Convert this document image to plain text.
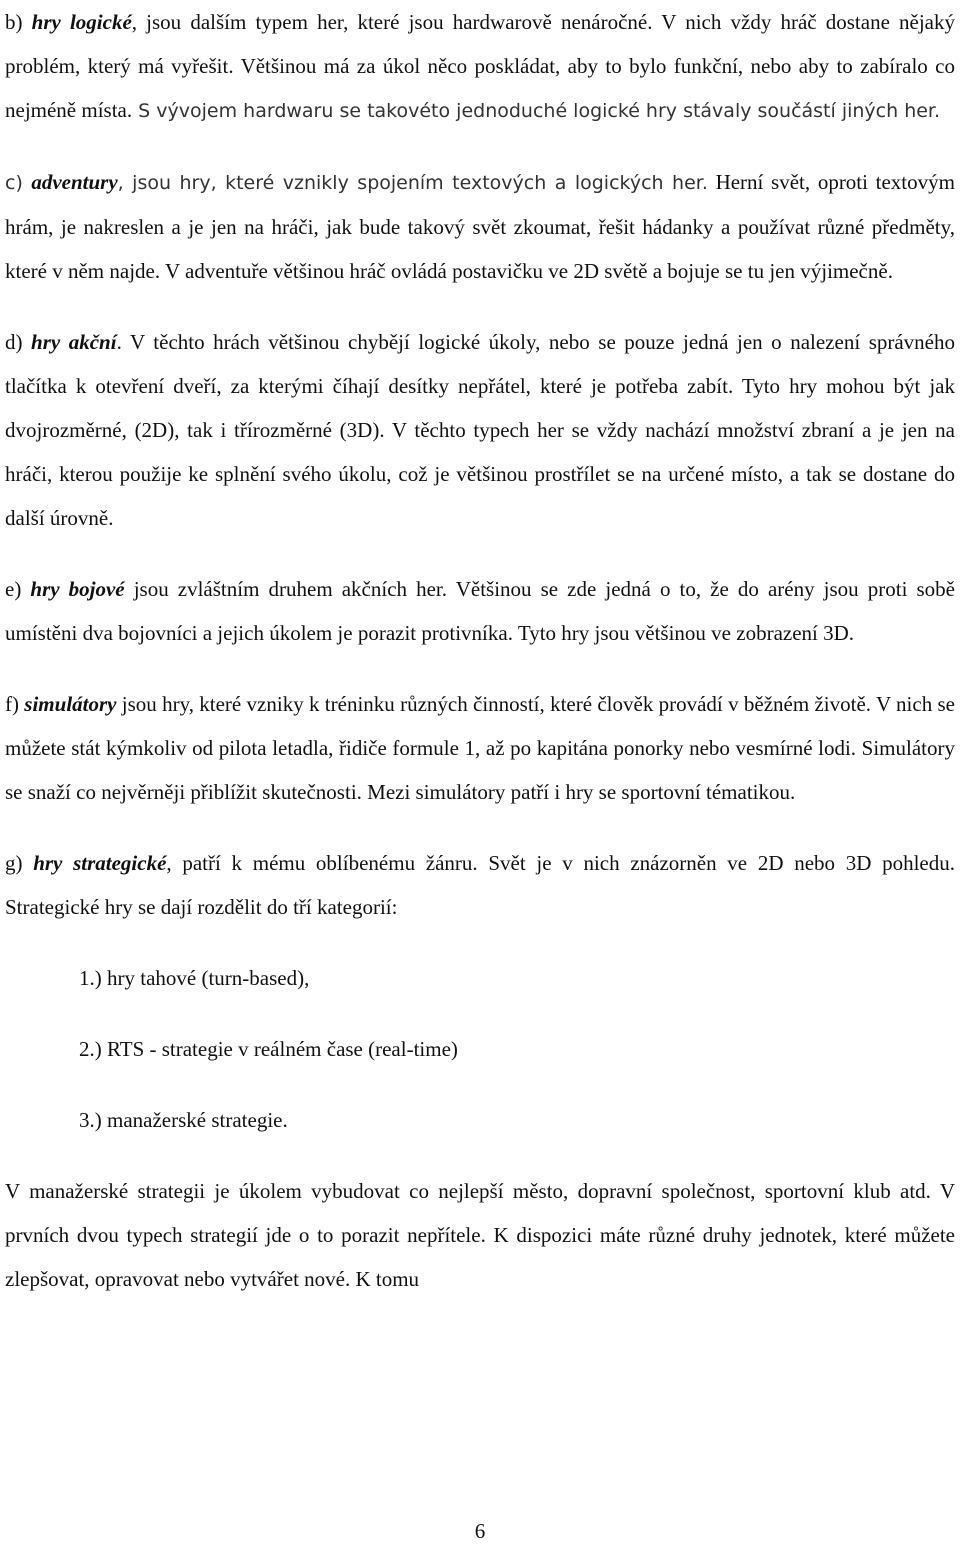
b) hry logické, jsou dalším typem her, které jsou hardwarově nenáročné. V nich vždy hráč dostane nějaký problém, který má vyřešit. Většinou má za úkol něco poskládat, aby to bylo funkční, nebo aby to zabíralo co nejméně místa. S vývojem hardwaru se takovéto jednoduché logické hry stávaly součástí jiných her.

c) adventury, jsou hry, které vznikly spojením textových a logických her. Herní svět, oproti textovým hrám, je nakreslen a je jen na hráči, jak bude takový svět zkoumat, řešit hádanky a používat různé předměty, které v něm najde. V adventuře většinou hráč ovládá postavičku ve 2D světě a bojuje se tu jen výjimečně.

d) hry akční. V těchto hrách většinou chybějí logické úkoly, nebo se pouze jedná jen o nalezení správného tlačítka k otevření dveří, za kterými číhají desítky nepřátel, které je potřeba zabít. Tyto hry mohou být jak dvojrozměrné, (2D), tak i třírozměrné (3D). V těchto typech her se vždy nachází množství zbraní a je jen na hráči, kterou použije ke splnění svého úkolu, což je většinou prostřílet se na určené místo, a tak se dostane do další úrovně.

e) hry bojové jsou zvláštním druhem akčních her. Většinou se zde jedná o to, že do arény jsou proti sobě umístěni dva bojovníci a jejich úkolem je porazit protivníka. Tyto hry jsou většinou ve zobrazení 3D.

f) simulátory jsou hry, které vzniky k tréninku různých činností, které člověk provádí v běžném životě. V nich se můžete stát kýmkoliv od pilota letadla, řidiče formule 1, až po kapitána ponorky nebo vesmírné lodi. Simulátory se snaží co nejvěrněji přiblížit skutečnosti. Mezi simulátory patří i hry se sportovní tématikou.

g) hry strategické, patří k mému oblíbenému žánru. Svět je v nich znázorněn ve 2D nebo 3D pohledu. Strategické hry se dají rozdělit do tří kategorií:

1.) hry tahové (turn-based),
2.) RTS - strategie v reálném čase (real-time)
3.) manažerské strategie.

V manažerské strategii je úkolem vybudovat co nejlepší město, dopravní společnost, sportovní klub atd. V prvních dvou typech strategií jde o to porazit nepřítele. K dispozici máte různé druhy jednotek, které můžete zlepšovat, opravovat nebo vytvářet nové. K tomu

6
